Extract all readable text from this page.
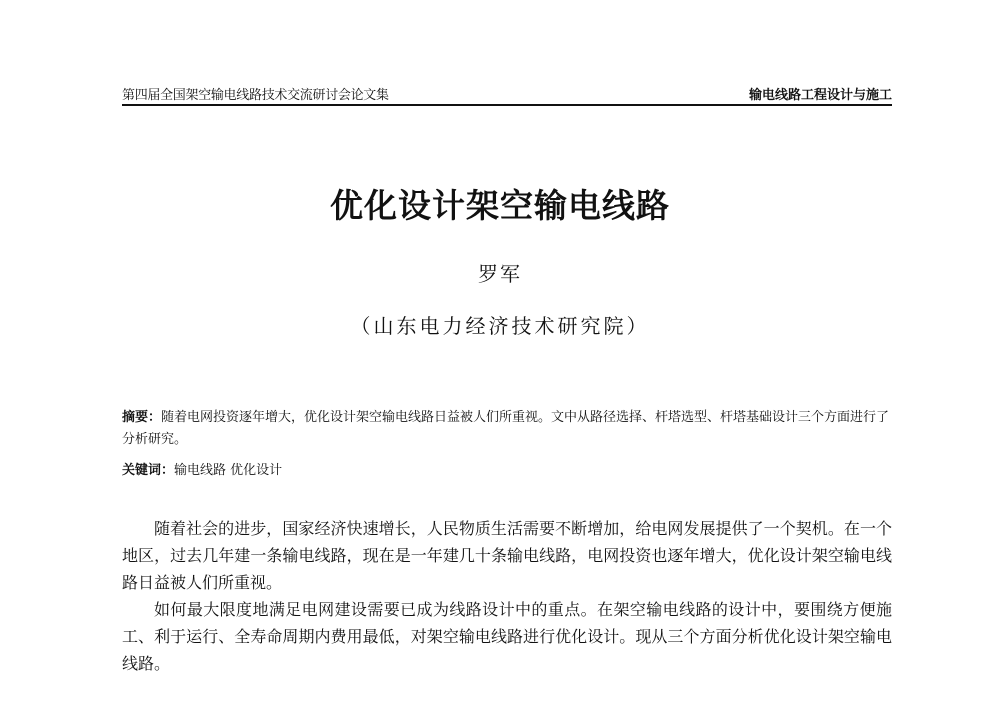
第四届全国架空输电线路技术交流研讨会论文集	输电线路工程设计与施工
优化设计架空输电线路
罗军
（山东电力经济技术研究院）
摘要：随着电网投资逐年增大，优化设计架空输电线路日益被人们所重视。文中从路径选择、杆塔选型、杆塔基础设计三个方面进行了分析研究。
关键词：输电线路 优化设计

随着社会的进步，国家经济快速增长，人民物质生活需要不断增加，给电网发展提供了一个契机。在一个地区，过去几年建一条输电线路，现在是一年建几十条输电线路，电网投资也逐年增大，优化设计架空输电线路日益被人们所重视。

如何最大限度地满足电网建设需要已成为线路设计中的重点。在架空输电线路的设计中，要围绕方便施工、利于运行、全寿命周期内费用最低，对架空输电线路进行优化设计。现从三个方面分析优化设计架空输电线路。
